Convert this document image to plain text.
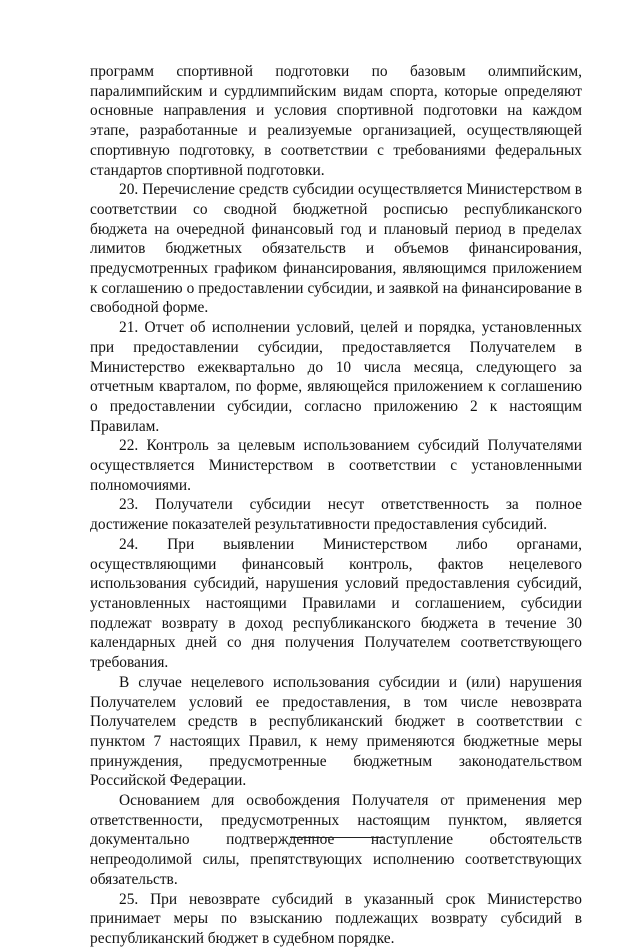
программ спортивной подготовки по базовым олимпийским, паралимпийским и сурдлимпийским видам спорта, которые определяют основные направления и условия спортивной подготовки на каждом этапе, разработанные и реализуемые организацией, осуществляющей спортивную подготовку, в соответствии с требованиями федеральных стандартов спортивной подготовки.

20. Перечисление средств субсидии осуществляется Министерством в соответствии со сводной бюджетной росписью республиканского бюджета на очередной финансовый год и плановый период в пределах лимитов бюджетных обязательств и объемов финансирования, предусмотренных графиком финансирования, являющимся приложением к соглашению о предоставлении субсидии, и заявкой на финансирование в свободной форме.

21. Отчет об исполнении условий, целей и порядка, установленных при предоставлении субсидии, предоставляется Получателем в Министерство ежеквартально до 10 числа месяца, следующего за отчетным кварталом, по форме, являющейся приложением к соглашению о предоставлении субсидии, согласно приложению 2 к настоящим Правилам.

22. Контроль за целевым использованием субсидий Получателями осуществляется Министерством в соответствии с установленными полномочиями.

23. Получатели субсидии несут ответственность за полное достижение показателей результативности предоставления субсидий.

24. При выявлении Министерством либо органами, осуществляющими финансовый контроль, фактов нецелевого использования субсидий, нарушения условий предоставления субсидий, установленных настоящими Правилами и соглашением, субсидии подлежат возврату в доход республиканского бюджета в течение 30 календарных дней со дня получения Получателем соответствующего требования.

В случае нецелевого использования субсидии и (или) нарушения Получателем условий ее предоставления, в том числе невозврата Получателем средств в республиканский бюджет в соответствии с пунктом 7 настоящих Правил, к нему применяются бюджетные меры принуждения, предусмотренные бюджетным законодательством Российской Федерации.

Основанием для освобождения Получателя от применения мер ответственности, предусмотренных настоящим пунктом, является документально подтвержденное наступление обстоятельств непреодолимой силы, препятствующих исполнению соответствующих обязательств.

25. При невозврате субсидий в указанный срок Министерство принимает меры по взысканию подлежащих возврату субсидий в республиканский бюджет в судебном порядке.
